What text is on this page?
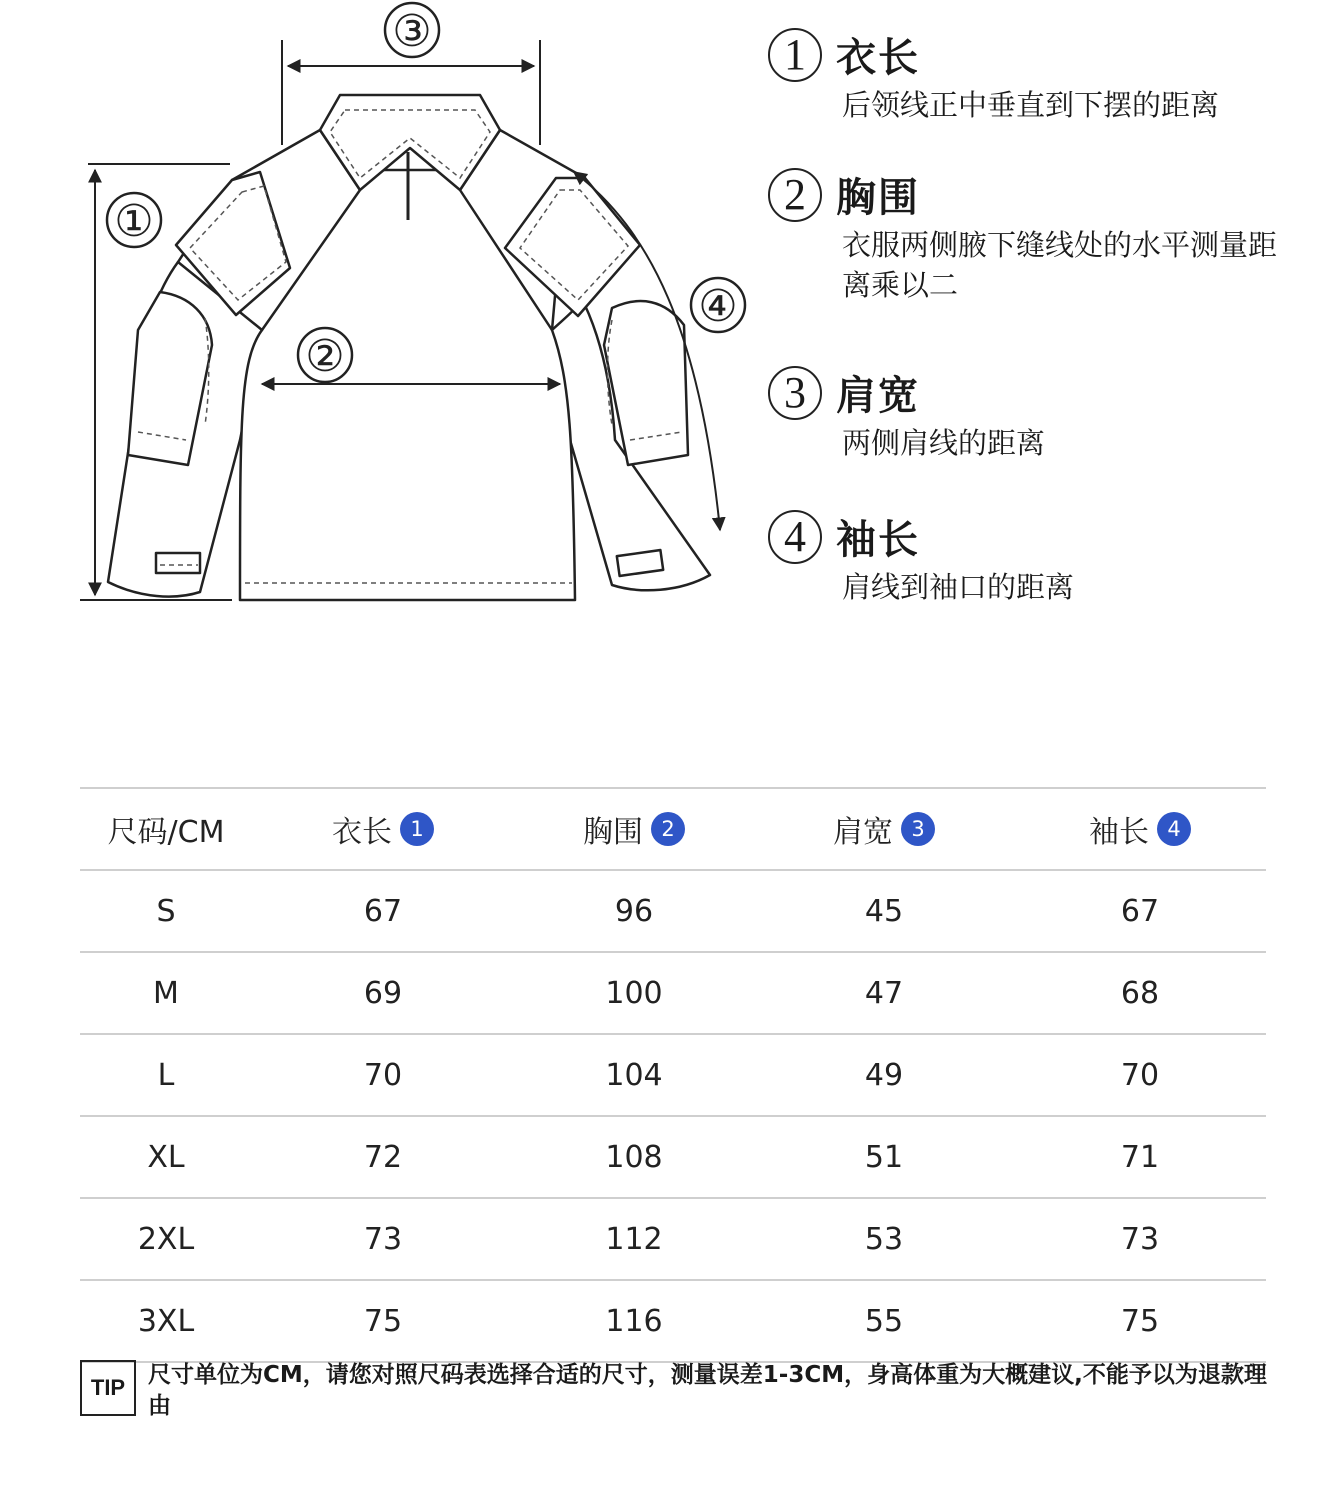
③
①
②
④
1 衣长
后领线正中垂直到下摆的距离
2 胸围
衣服两侧腋下缝线处的水平测量距离乘以二
3 肩宽
两侧肩线的距离
4 袖长
肩线到袖口的距离
尺码/CM	衣长 1	胸围 2	肩宽 3	袖长 4
S	67	96	45	67
M	69	100	47	68
L	70	104	49	70
XL	72	108	51	71
2XL	73	112	53	73
3XL	75	116	55	75
TIP 尺寸单位为CM，请您对照尺码表选择合适的尺寸，测量误差1-3CM，身高体重为大概建议,不能予以为退款理由
